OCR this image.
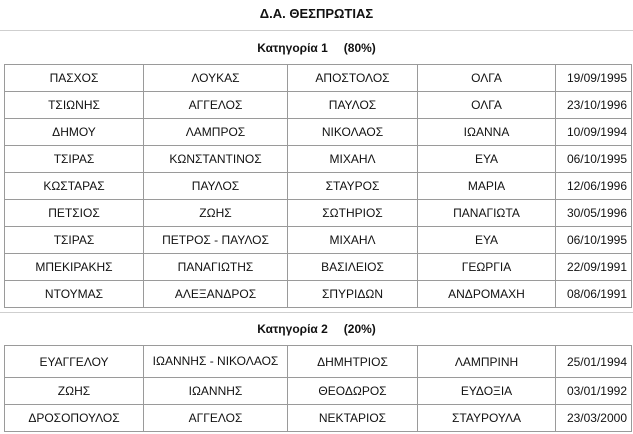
Δ.Α. ΘΕΣΠΡΩΤΙΑΣ
Κατηγορία 1 (80%)
ΠΑΣΧΟΣ	ΛΟΥΚΑΣ	ΑΠΟΣΤΟΛΟΣ	ΟΛΓΑ	19/09/1995
ΤΣΙΩΝΗΣ	ΑΓΓΕΛΟΣ	ΠΑΥΛΟΣ	ΟΛΓΑ	23/10/1996
ΔΗΜΟΥ	ΛΑΜΠΡΟΣ	ΝΙΚΟΛΑΟΣ	ΙΩΑΝΝΑ	10/09/1994
ΤΣΙΡΑΣ	ΚΩΝΣΤΑΝΤΙΝΟΣ	ΜΙΧΑΗΛ	ΕΥΑ	06/10/1995
ΚΩΣΤΑΡΑΣ	ΠΑΥΛΟΣ	ΣΤΑΥΡΟΣ	ΜΑΡΙΑ	12/06/1996
ΠΕΤΣΙΟΣ	ΖΩΗΣ	ΣΩΤΗΡΙΟΣ	ΠΑΝΑΓΙΩΤΑ	30/05/1996
ΤΣΙΡΑΣ	ΠΕΤΡΟΣ - ΠΑΥΛΟΣ	ΜΙΧΑΗΛ	ΕΥΑ	06/10/1995
ΜΠΕΚΙΡΑΚΗΣ	ΠΑΝΑΓΙΩΤΗΣ	ΒΑΣΙΛΕΙΟΣ	ΓΕΩΡΓΙΑ	22/09/1991
ΝΤΟΥΜΑΣ	ΑΛΕΞΑΝΔΡΟΣ	ΣΠΥΡΙΔΩΝ	ΑΝΔΡΟΜΑΧΗ	08/06/1991
Κατηγορία 2 (20%)
ΕΥΑΓΓΕΛΟΥ	ΙΩΑΝΝΗΣ - ΝΙΚΟΛΑΟΣ	ΔΗΜΗΤΡΙΟΣ	ΛΑΜΠΡΙΝΗ	25/01/1994
ΖΩΗΣ	ΙΩΑΝΝΗΣ	ΘΕΟΔΩΡΟΣ	ΕΥΔΟΞΙΑ	03/01/1992
ΔΡΟΣΟΠΟΥΛΟΣ	ΑΓΓΕΛΟΣ	ΝΕΚΤΑΡΙΟΣ	ΣΤΑΥΡΟΥΛΑ	23/03/2000
